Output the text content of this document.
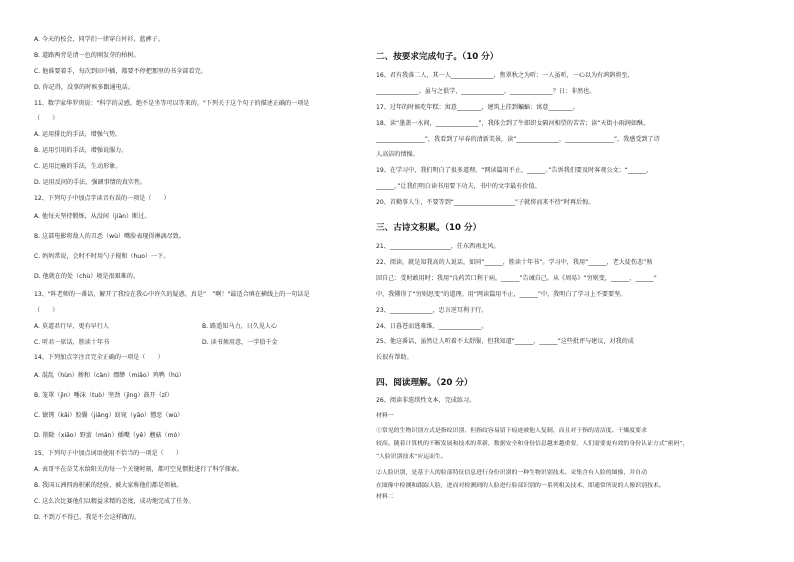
A. 今天的校会，同学们一律穿白衬衫，蓝裤子。

B. 道路两旁是清一色的刚发芽的柏树。

C. 他谁要着手，每次到田中插，都要不停把那里的书全部看完。

D. 你记得，没事的时候多跟通电话。

11、数学家华罗庚说："科学的灵感，绝不是坐等可以等来的。"下列关于这个句子的描述正确的一项是

（　　）

A. 运用排比的手法，增强气势。

B. 运用引用的手法，增强说服力。

C. 运用比喻的手法，生动形象。

D. 运用反问的手法，强调事情的真实性。

12、下列句子中加点字读音有误的一项是（　　）

A. 他每天坚持锻炼，从没间（jiàn）断过。

B. 这部电影将敌人的丑恶（wù）嘴脸表现得淋漓尽致。

C. 妈妈常说，会时不时用勺子搅和（huo）一下。

D. 他就在的处（chù）境是很艰难的。

13、"阵老师的一番话，解开了我绞在我心中许久的疑惑，真是“　”啊！"最适合填在横线上的一句话是

（　　）

A. 莫道君行早，更有早行人	B. 路遥知马力，日久见人心
C. 听君一席话，胜读十年书	D. 读书须用意，一字值千金

14、下列加点字注音完全正确的一项是（　　）

A. 混乱（hùn）掺和（càn）缥缈（miǎo）鸡鸭（hú）

B. 笼罩（jìn）唾沫（tuò）坚劲（jìng）鼓开（zǐ）

C. 镣铐（kǎi）胶囊（jiǎng）窈窕（yāo）憎恶（wù）

D. 削除（xiāo）野蛮（mán）插嘴（yě）蘑菇（mó）

15、下列句子中加点词语使用不恰当的一项是（　　）

A. 表哥平在奈艾水给阳关的每一个关键时刻，都可空见惯批进行了科学探索。

B. 我国五洲四海积累的经验，被大家称他们都是领袖。

C. 这么次比赛他们以精益求精的态度，成功地完成了任务。

D. 不到万不得已，我是不会这样做的。

二、按要求完成句子。（10 分）

16、君有我落二人，其一人______________，焦翠秋之为听；一人虽听，一心以为有鸿鹄将至，

______________。虽与之俱学，______________，______________？日：非然也。

17、过年的时候吃年糕：寓意________，建筑上挂到蝙蝠：寓意________。

18、读“墨盖一水间，______________”，我体会到了牛郎织女隔河相望的苦苦；读“天街小雨润如酥，

________________”，我看到了早春的清新美景，读“______________，________________”，我感受到了诗

人高洁的情操。

19、在学习中，我们明白了很多道理。“网读篇用不止，______。”告诉我们要及时客观公文；“______，

______。”让我们明白读书用要下功夫，书中的文字最有价值。

20、首勤事人生，不要等到“____________________”子就将而来不待”时再后悔。

三、古诗文积累。（10 分）

21、____________________，任东西南北风。

22、阅读，就是知我高的人说话，如同“______，胜读十年书”。学习中，我用“______，老大徒伤悲”熟

回自己：受时敢用时；我用“良药苦口利于病，______”告诫自己。从《周易》“穷则变，______，______”

中，我懂得了“穷则思变”的道理。用“网读篇用不止，______”中，我明白了学习上不要要坚。

23、______________，忠言逆耳利于行。

24、日暮苍而逃难维，______________。

25、他这番话，虽然让人听着不太舒服，但我知道“______，______”这些批评与建议，对我的成

长很有帮助。

四、阅读理解。（20 分）

26、阅读非连续性文本，完成练习。

材料一

①常见的生物识别方式是指纹识别，但指纹容易留下痕迹被他人复制，而且对于指的清洁度、干燥度要求

较高。随着计算机的不断发展和技术的革新，数据安全和身份信息越来越重要，人们需要更有效的身份认证方式“密码”，

“人脸识别技术”应运而生。

②人脸识别，是基于人的脸部特征信息进行身份识别的一种生物识别技术。采集含有人脸的图像，并自动

在图像中检测和跟踪人脸，进而对检测到的人脸进行脸部识别的一系列相关技术，即通常所说的人像识别技术。

材料二
